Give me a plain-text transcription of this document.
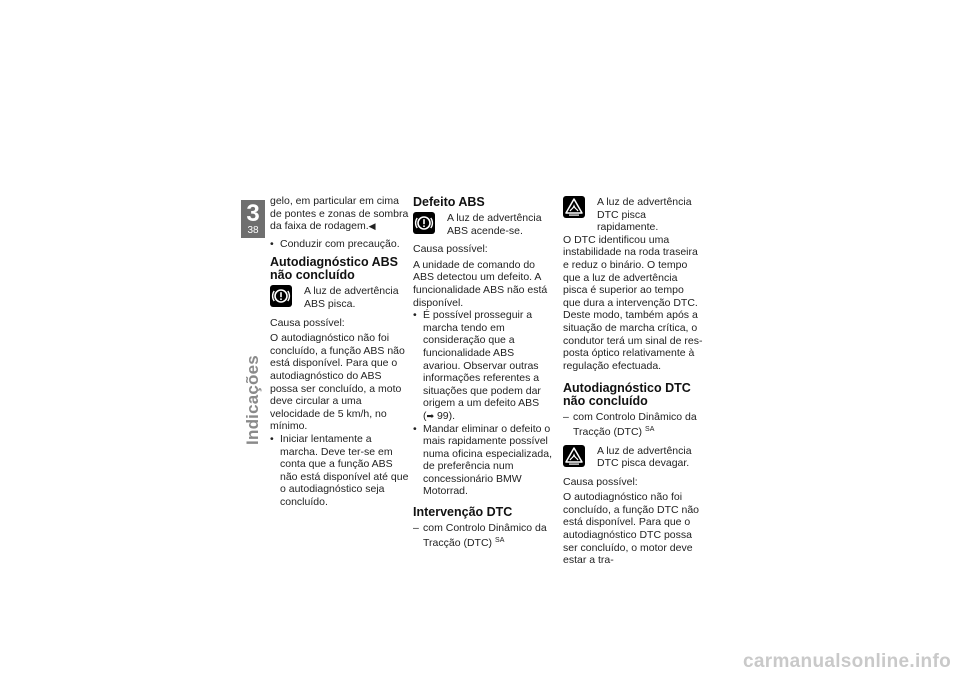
3
38
Indicações

gelo, em particular em cima de pontes e zonas de sombra da faixa de rodagem.◀

• Conduzir com precaução.

Autodiagnóstico ABS não concluído
A luz de advertência ABS pisca.

Causa possível:

O autodiagnóstico não foi concluído, a função ABS não está disponível. Para que o autodiagnóstico do ABS possa ser concluído, a moto deve circular a uma velocidade de 5 km/h, no mínimo.

• Iniciar lentamente a marcha. Deve ter-se em conta que a função ABS não está disponível até que o autodiagnóstico seja concluído.

Defeito ABS
A luz de advertência ABS acende-se.

Causa possível:

A unidade de comando do ABS detectou um defeito. A funcionalidade ABS não está disponível.

• É possível prosseguir a marcha tendo em consideração que a funcionalidade ABS avariou. Observar outras informações referentes a situações que podem dar origem a um defeito ABS (➡ 99).

• Mandar eliminar o defeito o mais rapidamente possível numa oficina especializada, de preferência num concessionário BMW Motorrad.

Intervenção DTC

– com Controlo Dinâmico da Tracção (DTC) $^{SA}$

A luz de advertência DTC pisca rapidamente.

O DTC identificou uma instabilidade na roda traseira e reduz o binário. O tempo que a luz de advertência pisca é superior ao tempo que dura a intervenção DTC. Deste modo, também após a situação de marcha crítica, o condutor terá um sinal de resposta óptico relativamente à regulação efectuada.

Autodiagnóstico DTC não concluído

– com Controlo Dinâmico da Tracção (DTC) $^{SA}$

A luz de advertência DTC pisca devagar.

Causa possível:

O autodiagnóstico não foi concluído, a função DTC não está disponível. Para que o autodiagnóstico DTC possa ser concluído, o motor deve estar a tra-

carmanualsonline.info
